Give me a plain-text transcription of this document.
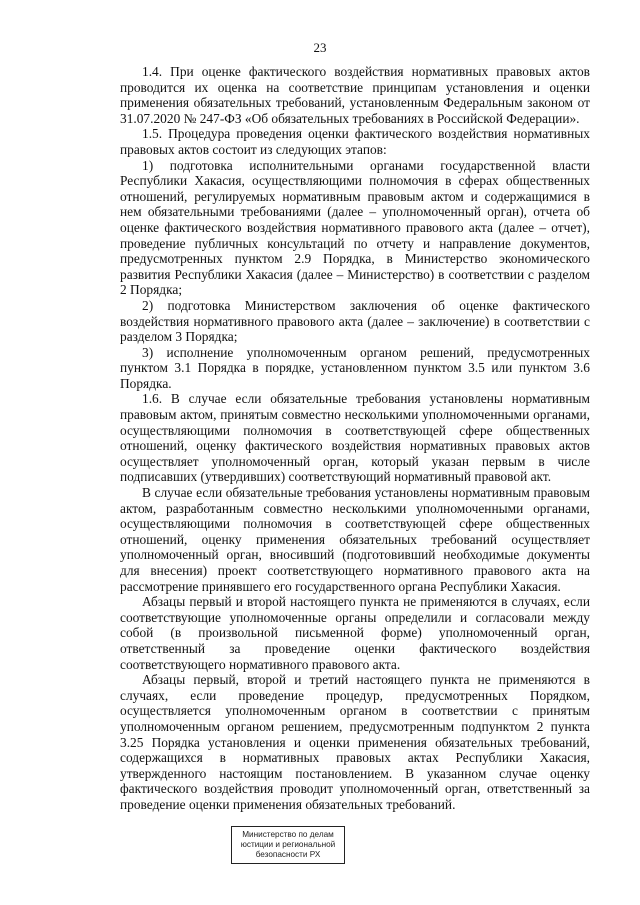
23

1.4. При оценке фактического воздействия нормативных правовых актов проводится их оценка на соответствие принципам установления и оценки применения обязательных требований, установленным Федеральным законом от 31.07.2020 № 247-ФЗ «Об обязательных требованиях в Российской Федерации».

1.5. Процедура проведения оценки фактического воздействия нормативных правовых актов состоит из следующих этапов:

1) подготовка исполнительными органами государственной власти Республики Хакасия, осуществляющими полномочия в сферах общественных отношений, регулируемых нормативным правовым актом и содержащимися в нем обязательными требованиями (далее – уполномоченный орган), отчета об оценке фактического воздействия нормативного правового акта (далее – отчет), проведение публичных консультаций по отчету и направление документов, предусмотренных пунктом 2.9 Порядка, в Министерство экономического развития Республики Хакасия (далее – Министерство) в соответствии с разделом 2 Порядка;

2) подготовка Министерством заключения об оценке фактического воздействия нормативного правового акта (далее – заключение) в соответствии с разделом 3 Порядка;

3) исполнение уполномоченным органом решений, предусмотренных пунктом 3.1 Порядка в порядке, установленном пунктом 3.5 или пунктом 3.6 Порядка.

1.6. В случае если обязательные требования установлены нормативным правовым актом, принятым совместно несколькими уполномоченными органами, осуществляющими полномочия в соответствующей сфере общественных отношений, оценку фактического воздействия нормативных правовых актов осуществляет уполномоченный орган, который указан первым в числе подписавших (утвердивших) соответствующий нормативный правовой акт.

В случае если обязательные требования установлены нормативным правовым актом, разработанным совместно несколькими уполномоченными органами, осуществляющими полномочия в соответствующей сфере общественных отношений, оценку применения обязательных требований осуществляет уполномоченный орган, вносивший (подготовивший необходимые документы для внесения) проект соответствующего нормативного правового акта на рассмотрение принявшего его государственного органа Республики Хакасия.

Абзацы первый и второй настоящего пункта не применяются в случаях, если соответствующие уполномоченные органы определили и согласовали между собой (в произвольной письменной форме) уполномоченный орган, ответственный за проведение оценки фактического воздействия соответствующего нормативного правового акта.

Абзацы первый, второй и третий настоящего пункта не применяются в случаях, если проведение процедур, предусмотренных Порядком, осуществляется уполномоченным органом в соответствии с принятым уполномоченным органом решением, предусмотренным подпунктом 2 пункта 3.25 Порядка установления и оценки применения обязательных требований, содержащихся в нормативных правовых актах Республики Хакасия, утвержденного настоящим постановлением. В указанном случае оценку фактического воздействия проводит уполномоченный орган, ответственный за проведение оценки применения обязательных требований.

Министерство по делам
юстиции и региональной
безопасности РХ
